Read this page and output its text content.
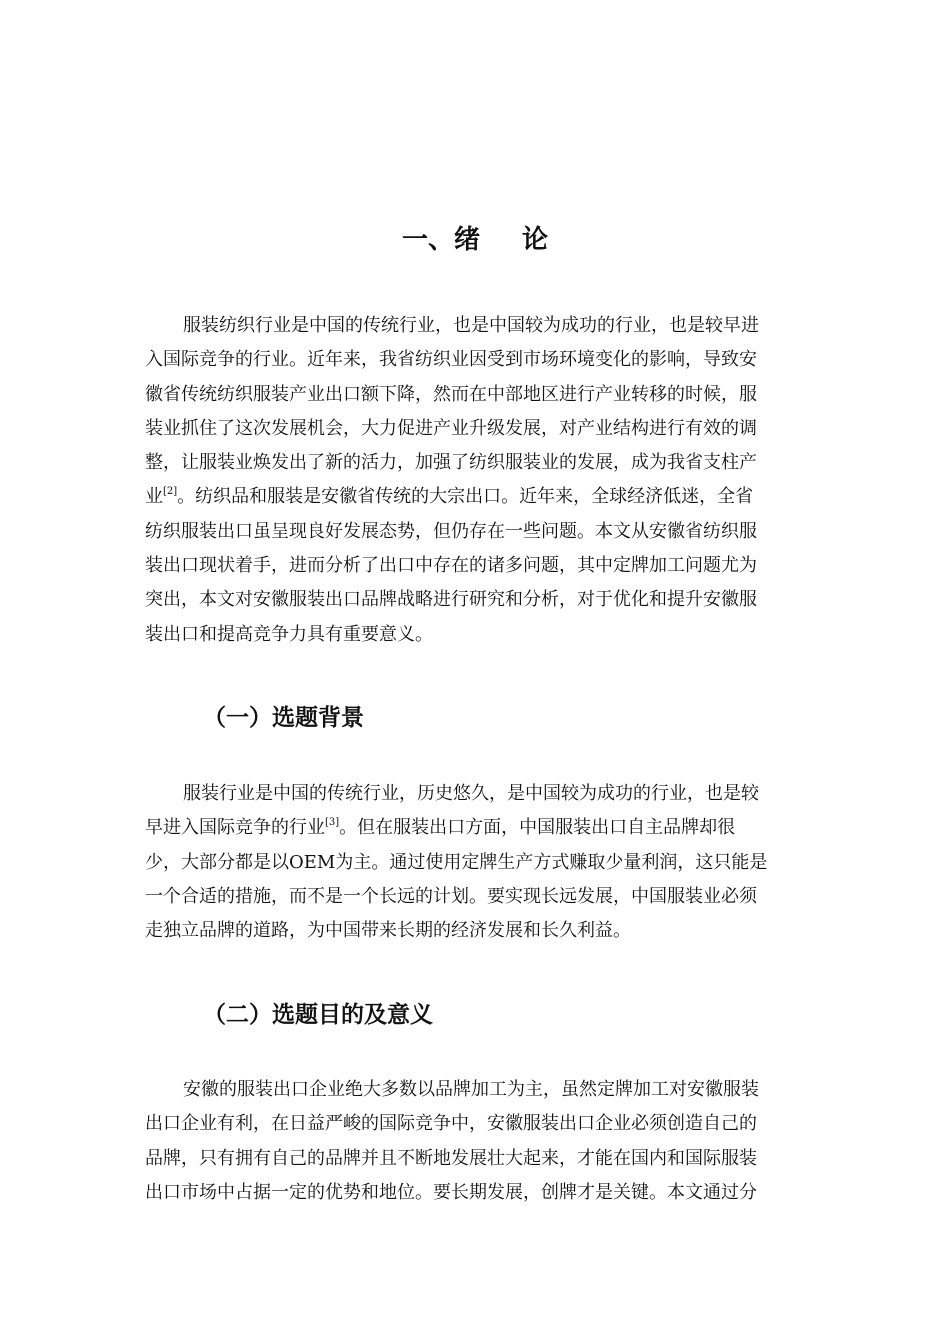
一、绪 论
服装纺织行业是中国的传统行业，也是中国较为成功的行业，也是较早进
入国际竞争的行业。近年来，我省纺织业因受到市场环境变化的影响，导致安
徽省传统纺织服装产业出口额下降，然而在中部地区进行产业转移的时候，服
装业抓住了这次发展机会，大力促进产业升级发展，对产业结构进行有效的调
整，让服装业焕发出了新的活力，加强了纺织服装业的发展，成为我省支柱产
业[2]。纺织品和服装是安徽省传统的大宗出口。近年来，全球经济低迷，全省
纺织服装出口虽呈现良好发展态势，但仍存在一些问题。本文从安徽省纺织服
装出口现状着手，进而分析了出口中存在的诸多问题，其中定牌加工问题尤为
突出，本文对安徽服装出口品牌战略进行研究和分析，对于优化和提升安徽服
装出口和提高竞争力具有重要意义。
（一）选题背景
服装行业是中国的传统行业，历史悠久，是中国较为成功的行业，也是较
早进入国际竞争的行业[3]。但在服装出口方面，中国服装出口自主品牌却很
少，大部分都是以OEM为主。通过使用定牌生产方式赚取少量利润，这只能是
一个合适的措施，而不是一个长远的计划。要实现长远发展，中国服装业必须
走独立品牌的道路，为中国带来长期的经济发展和长久利益。
（二）选题目的及意义
安徽的服装出口企业绝大多数以品牌加工为主，虽然定牌加工对安徽服装
出口企业有利，在日益严峻的国际竞争中，安徽服装出口企业必须创造自己的
品牌，只有拥有自己的品牌并且不断地发展壮大起来，才能在国内和国际服装
出口市场中占据一定的优势和地位。要长期发展，创牌才是关键。本文通过分
